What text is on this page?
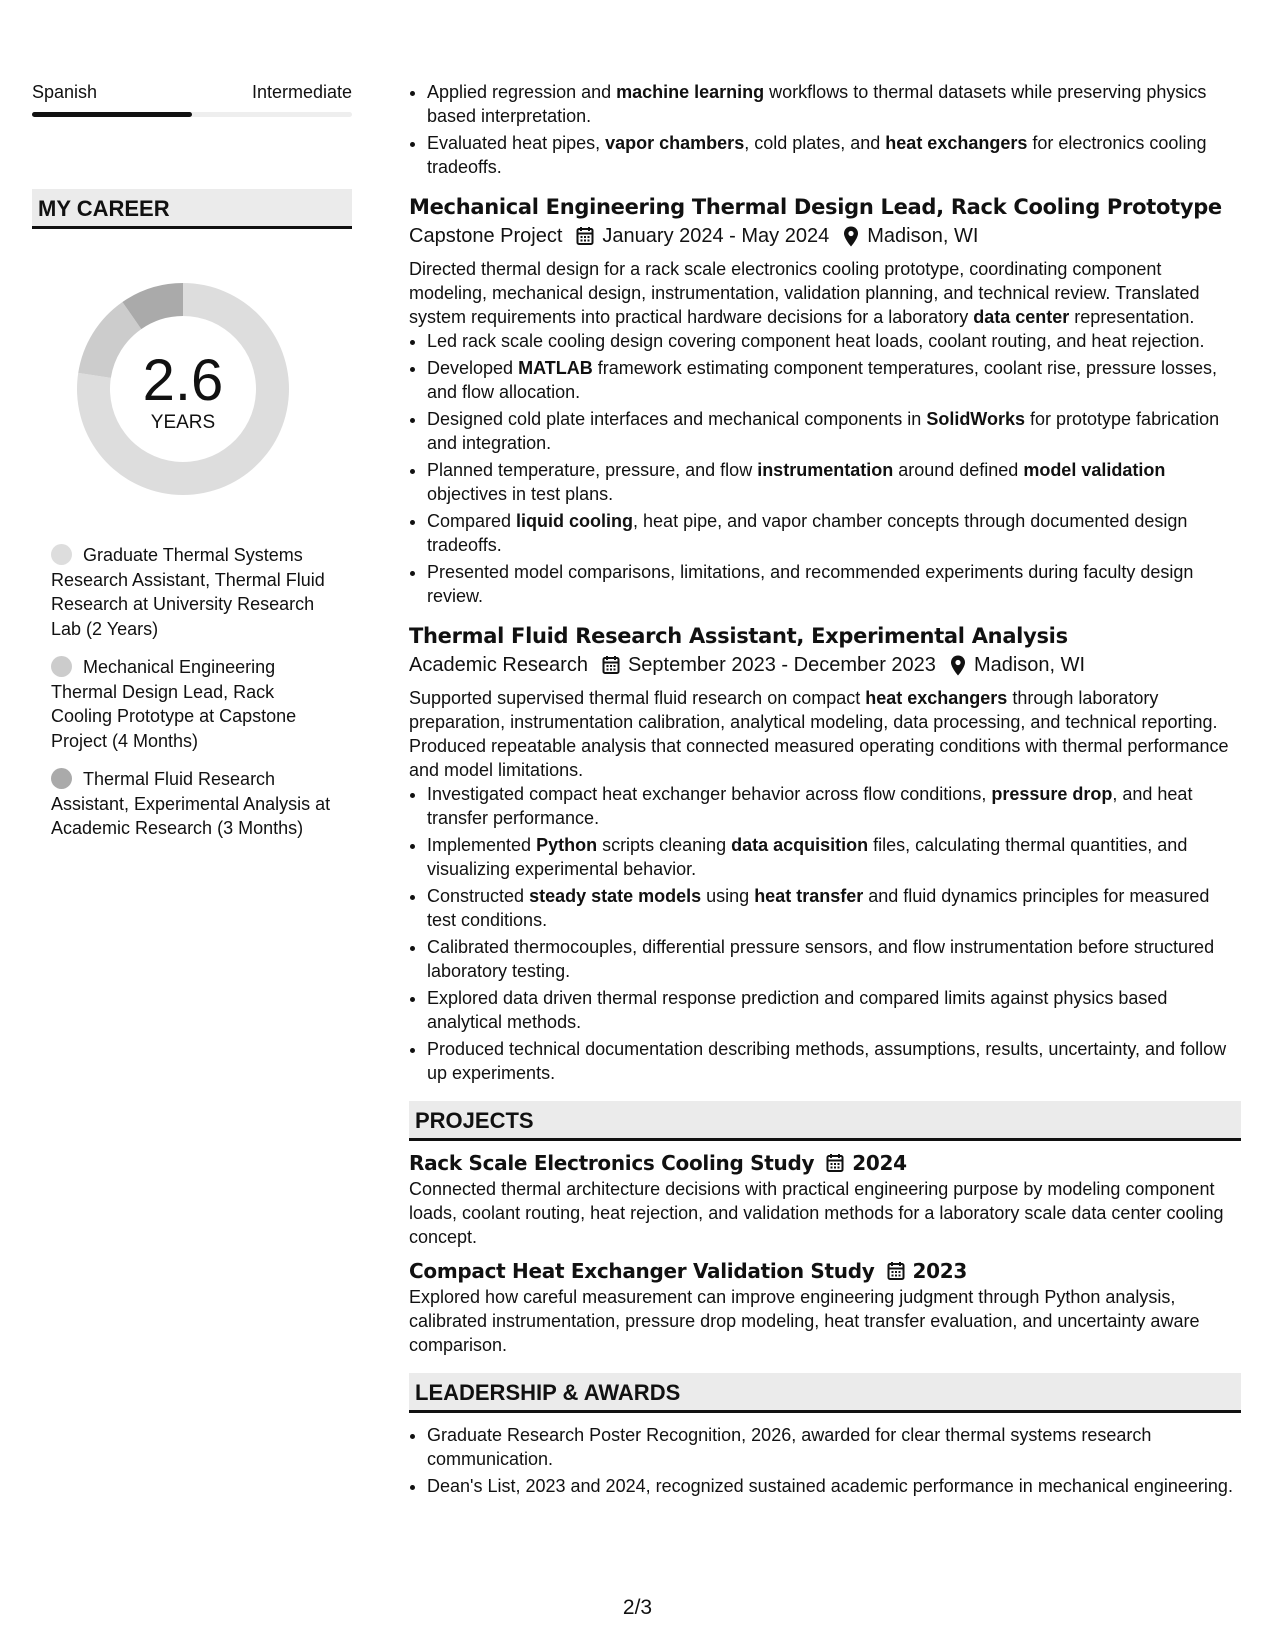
Spanish	Intermediate
MY CAREER
2.6
YEARS
Graduate Thermal Systems Research Assistant, Thermal Fluid Research at University Research Lab (2 Years)
Mechanical Engineering Thermal Design Lead, Rack Cooling Prototype at Capstone Project (4 Months)
Thermal Fluid Research Assistant, Experimental Analysis at Academic Research (3 Months)
• Applied regression and machine learning workflows to thermal datasets while preserving physics based interpretation.
• Evaluated heat pipes, vapor chambers, cold plates, and heat exchangers for electronics cooling tradeoffs.
Mechanical Engineering Thermal Design Lead, Rack Cooling Prototype
Capstone Project January 2024 - May 2024 Madison, WI
Directed thermal design for a rack scale electronics cooling prototype, coordinating component modeling, mechanical design, instrumentation, validation planning, and technical review. Translated system requirements into practical hardware decisions for a laboratory data center representation.
• Led rack scale cooling design covering component heat loads, coolant routing, and heat rejection.
• Developed MATLAB framework estimating component temperatures, coolant rise, pressure losses, and flow allocation.
• Designed cold plate interfaces and mechanical components in SolidWorks for prototype fabrication and integration.
• Planned temperature, pressure, and flow instrumentation around defined model validation objectives in test plans.
• Compared liquid cooling, heat pipe, and vapor chamber concepts through documented design tradeoffs.
• Presented model comparisons, limitations, and recommended experiments during faculty design review.
Thermal Fluid Research Assistant, Experimental Analysis
Academic Research September 2023 - December 2023 Madison, WI
Supported supervised thermal fluid research on compact heat exchangers through laboratory preparation, instrumentation calibration, analytical modeling, data processing, and technical reporting. Produced repeatable analysis that connected measured operating conditions with thermal performance and model limitations.
• Investigated compact heat exchanger behavior across flow conditions, pressure drop, and heat transfer performance.
• Implemented Python scripts cleaning data acquisition files, calculating thermal quantities, and visualizing experimental behavior.
• Constructed steady state models using heat transfer and fluid dynamics principles for measured test conditions.
• Calibrated thermocouples, differential pressure sensors, and flow instrumentation before structured laboratory testing.
• Explored data driven thermal response prediction and compared limits against physics based analytical methods.
• Produced technical documentation describing methods, assumptions, results, uncertainty, and follow up experiments.
PROJECTS
Rack Scale Electronics Cooling Study 2024
Connected thermal architecture decisions with practical engineering purpose by modeling component loads, coolant routing, heat rejection, and validation methods for a laboratory scale data center cooling concept.
Compact Heat Exchanger Validation Study 2023
Explored how careful measurement can improve engineering judgment through Python analysis, calibrated instrumentation, pressure drop modeling, heat transfer evaluation, and uncertainty aware comparison.
LEADERSHIP & AWARDS
• Graduate Research Poster Recognition, 2026, awarded for clear thermal systems research communication.
• Dean's List, 2023 and 2024, recognized sustained academic performance in mechanical engineering.
2/3
